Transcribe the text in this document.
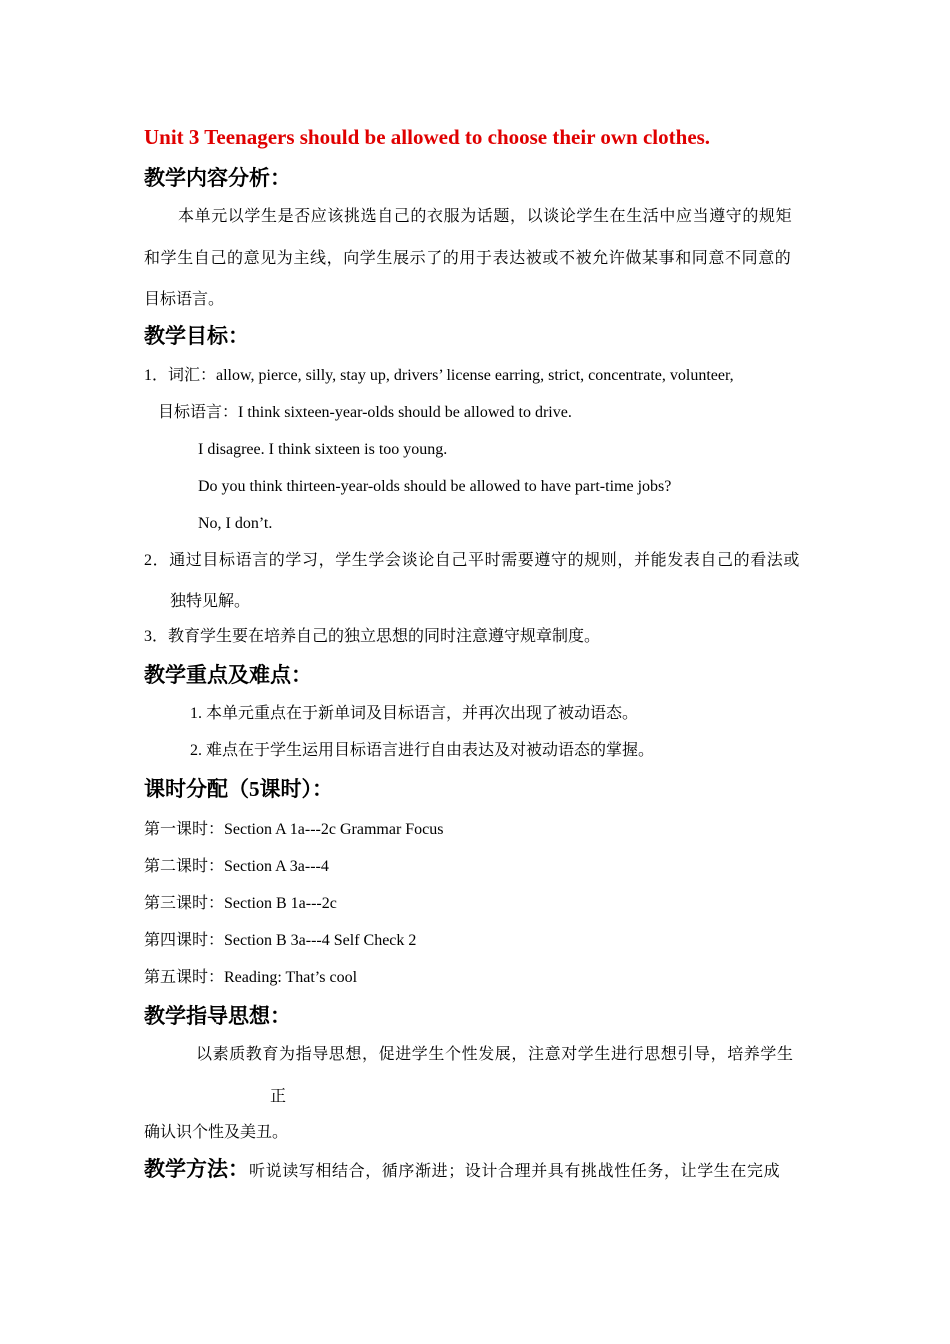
Unit 3 Teenagers should be allowed to choose their own clothes.
教学内容分析：
本单元以学生是否应该挑选自己的衣服为话题，以谈论学生在生活中应当遵守的规矩
和学生自己的意见为主线，向学生展示了的用于表达被或不被允许做某事和同意不同意的
目标语言。
教学目标：
1．词汇：allow, pierce, silly, stay up, drivers’ license earring, strict, concentrate, volunteer,
目标语言：I think sixteen-year-olds should be allowed to drive.
I disagree. I think sixteen is too young.
Do you think thirteen-year-olds should be allowed to have part-time jobs?
No, I don’t.
2．通过目标语言的学习，学生学会谈论自己平时需要遵守的规则，并能发表自己的看法或
独特见解。
3．教育学生要在培养自己的独立思想的同时注意遵守规章制度。
教学重点及难点：
1. 本单元重点在于新单词及目标语言，并再次出现了被动语态。
2. 难点在于学生运用目标语言进行自由表达及对被动语态的掌握。
课时分配（5课时）：
第一课时：Section A 1a---2c Grammar Focus
第二课时：Section A 3a---4
第三课时：Section B 1a---2c
第四课时：Section B 3a---4 Self Check 2
第五课时：Reading: That’s cool
教学指导思想：
以素质教育为指导思想，促进学生个性发展，注意对学生进行思想引导，培养学生
正
确认识个性及美丑。
教学方法：听说读写相结合，循序渐进；设计合理并具有挑战性任务，让学生在完成
